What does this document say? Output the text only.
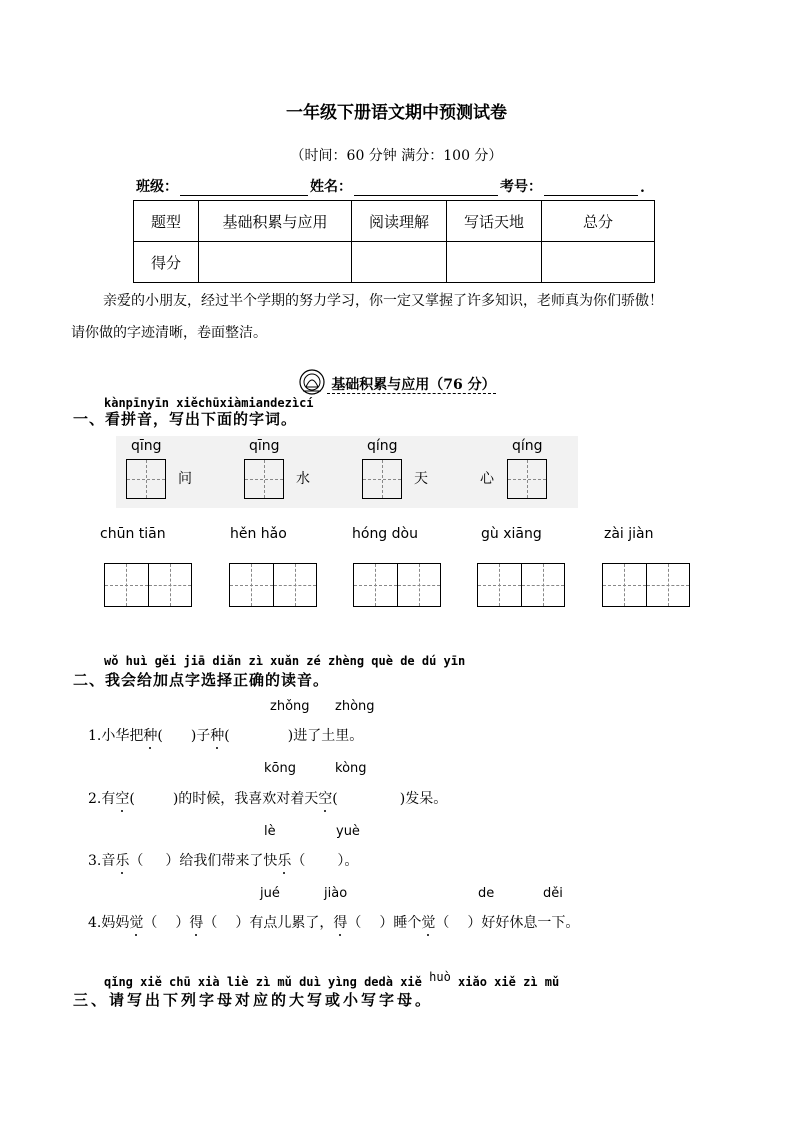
一年级下册语文期中预测试卷
（时间：60 分钟 满分：100 分）
班级：	姓名：	考号：	.
题型	基础积累与应用	阅读理解	写话天地	总分
得分				
亲爱的小朋友，经过半个学期的努力学习，你一定又掌握了许多知识，老师真为你们骄傲！
请你做的字迹清晰，卷面整洁。
基础积累与应用（76 分）
kànpīnyīn xiěchūxiàmiandezìcí
一、看拼音，写出下面的字词。
qīng
问
qīng
水
qíng
天
qíng
心
chūn tiān	hěn hǎo	hóng dòu	gù xiāng	zài jiàn
wǒ huì gěi jiā diǎn zì xuǎn zé zhèng què de dú yīn
二、我会给加点字选择正确的读音。
zhǒng zhòng
1.小华把种( )子种(	)进了土里。
kōng	kòng
2.有空(	)的时候，我喜欢对着天空(	)发呆。
lè	yuè
3.音乐（ ）给我们带来了快乐（ ）。
jué	jiào	de	děi
4.妈妈觉（ ）得（ ）有点儿累了，得（ ）睡个觉（ ）好好休息一下。
qǐng xiě chū xià liè zì mǔ duì yìng dedà xiě huò xiǎo xiě zì mǔ
三、请写出下列字母对应的大写或小写字母。
